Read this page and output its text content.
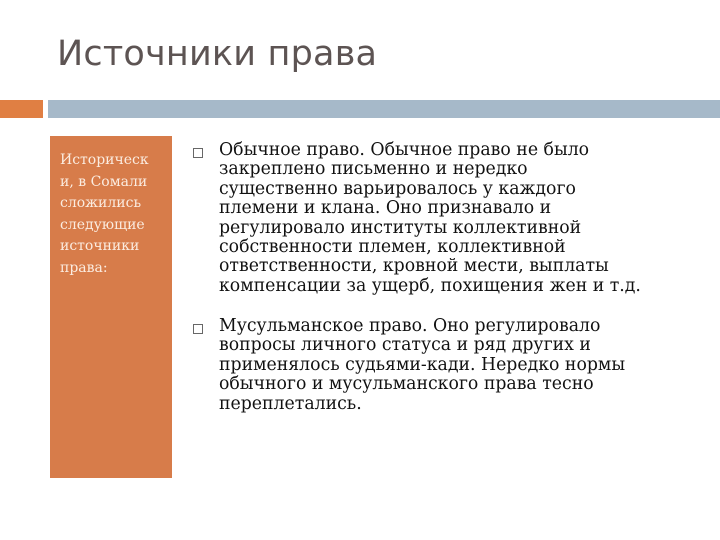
Источники права
Историческ
и, в Сомали
сложились
следующие
источники
права:
Обычное право. Обычное право не было
закреплено письменно и нередко
существенно варьировалось у каждого
племени и клана. Оно признавало и
регулировало институты коллективной
собственности племен, коллективной
ответственности, кровной мести, выплаты
компенсации за ущерб, похищения жен и т.д.
Мусульманское право. Оно регулировало
вопросы личного статуса и ряд других и
применялось судьями-кади. Нередко нормы
обычного и мусульманского права тесно
переплетались.
